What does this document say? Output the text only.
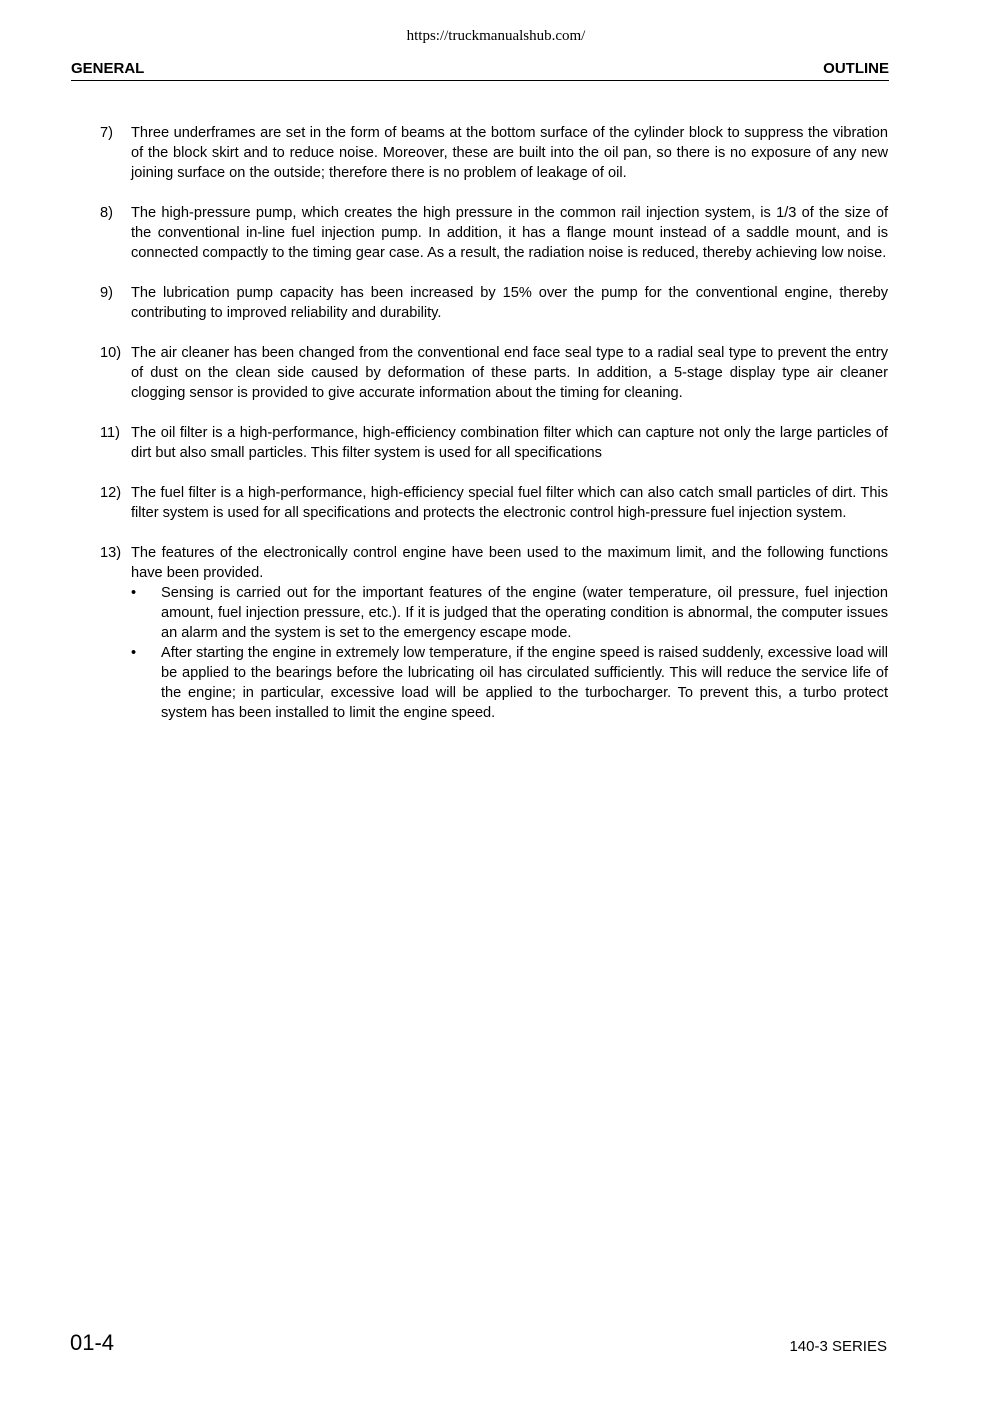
https://truckmanualshub.com/
GENERAL	OUTLINE
7) Three underframes are set in the form of beams at the bottom surface of the cylinder block to suppress the vibration of the block skirt and to reduce noise. Moreover, these are built into the oil pan, so there is no exposure of any new joining surface on the outside; therefore there is no problem of leakage of oil.
8) The high-pressure pump, which creates the high pressure in the common rail injection system, is 1/3 of the size of the conventional in-line fuel injection pump. In addition, it has a flange mount instead of a saddle mount, and is connected compactly to the timing gear case. As a result, the radiation noise is reduced, thereby achieving low noise.
9) The lubrication pump capacity has been increased by 15% over the pump for the conventional engine, thereby contributing to improved reliability and durability.
10) The air cleaner has been changed from the conventional end face seal type to a radial seal type to prevent the entry of dust on the clean side caused by deformation of these parts. In addition, a 5-stage display type air cleaner clogging sensor is provided to give accurate information about the timing for cleaning.
11) The oil filter is a high-performance, high-efficiency combination filter which can capture not only the large particles of dirt but also small particles. This filter system is used for all specifications
12) The fuel filter is a high-performance, high-efficiency special fuel filter which can also catch small particles of dirt. This filter system is used for all specifications and protects the electronic control high-pressure fuel injection system.
13) The features of the electronically control engine have been used to the maximum limit, and the following functions have been provided.
• Sensing is carried out for the important features of the engine (water temperature, oil pressure, fuel injection amount, fuel injection pressure, etc.). If it is judged that the operating condition is abnormal, the computer issues an alarm and the system is set to the emergency escape mode.
• After starting the engine in extremely low temperature, if the engine speed is raised suddenly, excessive load will be applied to the bearings before the lubricating oil has circulated sufficiently. This will reduce the service life of the engine; in particular, excessive load will be applied to the turbocharger. To prevent this, a turbo protect system has been installed to limit the engine speed.
01-4	140-3 SERIES
